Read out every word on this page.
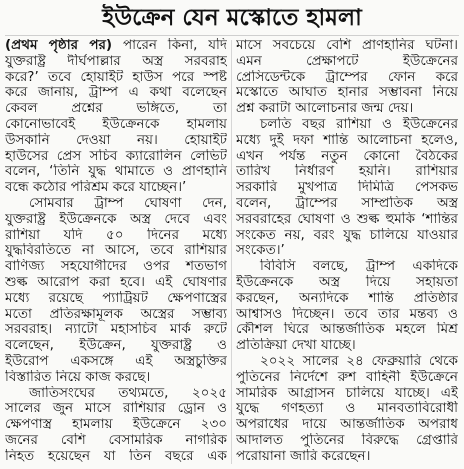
ইউক্রেন যেন মস্কোতে হামলা
(প্রথম পৃষ্ঠার পর) পারেন কিনা, যদি
যুক্তরাষ্ট্র দীর্ঘপাল্লার অস্ত্র সরবরাহ
করে?’ তবে হোয়াইট হাউস পরে স্পষ্ট
করে জানায়, ট্রাম্প এ কথা বলেছেন
কেবল প্রশ্নের ভঙ্গিতে, তা
কোনোভাবেই ইউক্রেনকে হামলায়
উসকানি দেওয়া নয়। হোয়াইট
হাউসের প্রেস সচিব ক্যারোলিন লেভিট
বলেন, ‘তিনি যুদ্ধ থামাতে ও প্রাণহানি
বন্ধে কঠোর পরিশ্রম করে যাচ্ছেন।’
সোমবার ট্রাম্প ঘোষণা দেন,
যুক্তরাষ্ট্র ইউক্রেনকে অস্ত্র দেবে এবং
রাশিয়া যদি ৫০ দিনের মধ্যে
যুদ্ধবিরতিতে না আসে, তবে রাশিয়ার
বাণিজ্য সহযোগীদের ওপর শতভাগ
শুল্ক আরোপ করা হবে। এই ঘোষণার
মধ্যে রয়েছে প্যাট্রিয়ট ক্ষেপণাস্ত্রের
মতো প্রতিরক্ষামূলক অস্ত্রের সম্ভাব্য
সরবরাহ। ন্যাটো মহাসচিব মার্ক রুটে
বলেছেন, ইউক্রেন, যুক্তরাষ্ট্র ও
ইউরোপ একসঙ্গে এই অস্ত্রচুক্তির
বিস্তারিত নিয়ে কাজ করছে।
জাতিসংঘের তথ্যমতে, ২০২৫
সালের জুন মাসে রাশিয়ার ড্রোন ও
ক্ষেপণাস্ত্র হামলায় ইউক্রেনে ২৩০
জনের বেশি বেসামরিক নাগরিক
নিহত হয়েছেন যা তিন বছরে এক
মাসে সবচেয়ে বেশি প্রাণহানির ঘটনা।
এমন প্রেক্ষাপটে ইউক্রেনের
প্রেসিডেন্টকে ট্রাম্পের ফোন করে
মস্কোতে আঘাত হানার সম্ভাবনা নিয়ে
প্রশ্ন করাটা আলোচনার জন্ম দেয়।
চলতি বছর রাশিয়া ও ইউক্রেনের
মধ্যে দুই দফা শান্তি আলোচনা হলেও,
এখন পর্যন্ত নতুন কোনো বৈঠকের
তারিখ নির্ধারণ হয়নি। রাশিয়ার
সরকারি মুখপাত্র দিমিত্রি পেসকভ
বলেন, ট্রাম্পের সাম্প্রতিক অস্ত্র
সরবরাহের ঘোষণা ও শুল্ক হুমকি ‘শান্তির
সংকেত নয়, বরং যুদ্ধ চালিয়ে যাওয়ার
সংকেত।’
বিবিসি বলছে, ট্রাম্প একদিকে
ইউক্রেনকে অস্ত্র দিয়ে সহায়তা
করছেন, অন্যদিকে শান্তি প্রতিষ্ঠার
আশ্বাসও দিচ্ছেন। তবে তার মন্তব্য ও
কৌশল ঘিরে আন্তর্জাতিক মহলে মিশ্র
প্রতিক্রিয়া দেখা যাচ্ছে।
২০২২ সালের ২৪ ফেব্রুয়ারি থেকে
পুতিনের নির্দেশে রুশ বাহিনী ইউক্রেনে
সামরিক আগ্রাসন চালিয়ে যাচ্ছে। এই
যুদ্ধে গণহত্যা ও মানবতাবিরোধী
অপরাধের দায়ে আন্তর্জাতিক অপরাধ
আদালত পুতিনের বিরুদ্ধে গ্রেপ্তারি
পরোয়ানা জারি করেছেন।
